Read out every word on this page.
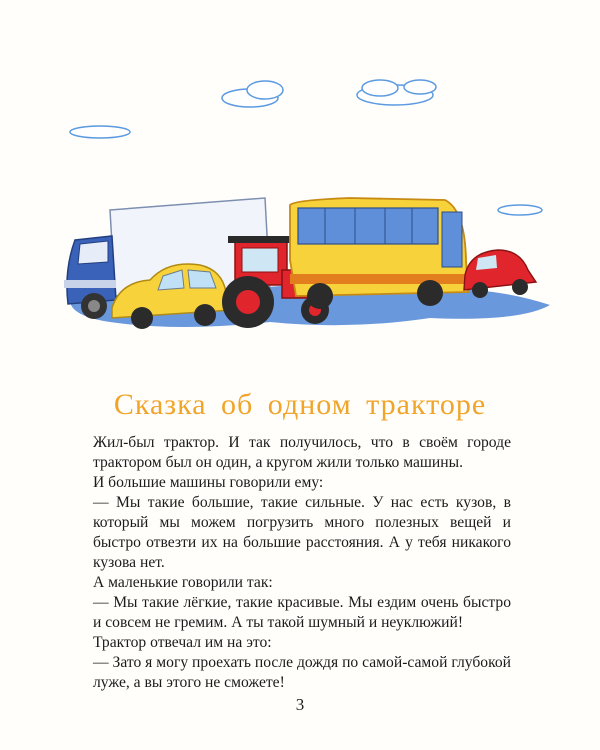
Сказка об одном тракторе

Жил-был трактор. И так получилось, что в своём городе трактором был он один, а кругом жили только машины.

И большие машины говорили ему:

— Мы такие большие, такие сильные. У нас есть кузов, в который мы можем погрузить много полезных вещей и быстро отвезти их на большие расстояния. А у тебя никакого кузова нет.

А маленькие говорили так:

— Мы такие лёгкие, такие красивые. Мы ездим очень быстро и совсем не гремим. А ты такой шумный и неуклюжий!

Трактор отвечал им на это:

— Зато я могу проехать после дождя по самой-самой глубокой луже, а вы этого не сможете!

3
